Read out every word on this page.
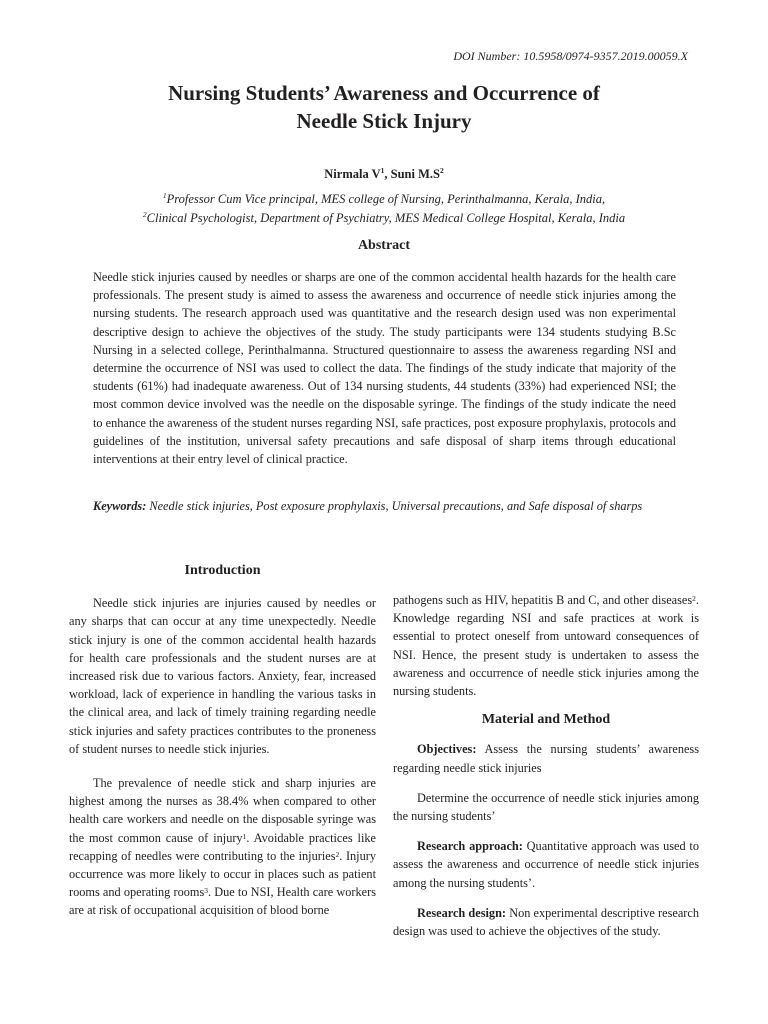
DOI Number: 10.5958/0974-9357.2019.00059.X
Nursing Students’ Awareness and Occurrence of
Needle Stick Injury
Nirmala $V^1$, Suni $M.S^2$
$^1$Professor Cum Vice principal, MES college of Nursing, Perinthalmanna, Kerala, India,
$^2$Clinical Psychologist, Department of Psychiatry, MES Medical College Hospital, Kerala, India
Abstract

Needle stick injuries caused by needles or sharps are one of the common accidental health hazards for the health care professionals. The present study is aimed to assess the awareness and occurrence of needle stick injuries among the nursing students. The research approach used was quantitative and the research design used was non experimental descriptive design to achieve the objectives of the study. The study participants were 134 students studying B.Sc Nursing in a selected college, Perinthalmanna. Structured questionnaire to assess the awareness regarding NSI and determine the occurrence of NSI was used to collect the data. The findings of the study indicate that majority of the students (61%) had inadequate awareness. Out of 134 nursing students, 44 students (33%) had experienced NSI; the most common device involved was the needle on the disposable syringe. The findings of the study indicate the need to enhance the awareness of the student nurses regarding NSI, safe practices, post exposure prophylaxis, protocols and guidelines of the institution, universal safety precautions and safe disposal of sharp items through educational interventions at their entry level of clinical practice.

Keywords: Needle stick injuries, Post exposure prophylaxis, Universal precautions, and Safe disposal of sharps

Introduction

Needle stick injuries are injuries caused by needles or any sharps that can occur at any time unexpectedly. Needle stick injury is one of the common accidental health hazards for health care professionals and the student nurses are at increased risk due to various factors. Anxiety, fear, increased workload, lack of experience in handling the various tasks in the clinical area, and lack of timely training regarding needle stick injuries and safety practices contributes to the proneness of student nurses to needle stick injuries.

The prevalence of needle stick and sharp injuries are highest among the nurses as 38.4% when compared to other health care workers and needle on the disposable syringe was the most common cause of injury$^1$. Avoidable practices like recapping of needles were contributing to the injuries$^2$. Injury occurrence was more likely to occur in places such as patient rooms and operating rooms$^3$. Due to NSI, Health care workers are at risk of occupational acquisition of blood borne

pathogens such as HIV, hepatitis B and C, and other diseases$^2$. Knowledge regarding NSI and safe practices at work is essential to protect oneself from untoward consequences of NSI. Hence, the present study is undertaken to assess the awareness and occurrence of needle stick injuries among the nursing students.

Material and Method

Objectives: Assess the nursing students’ awareness regarding needle stick injuries

Determine the occurrence of needle stick injuries among the nursing students’

Research approach: Quantitative approach was used to assess the awareness and occurrence of needle stick injuries among the nursing students’.

Research design: Non experimental descriptive research design was used to achieve the objectives of the study.
